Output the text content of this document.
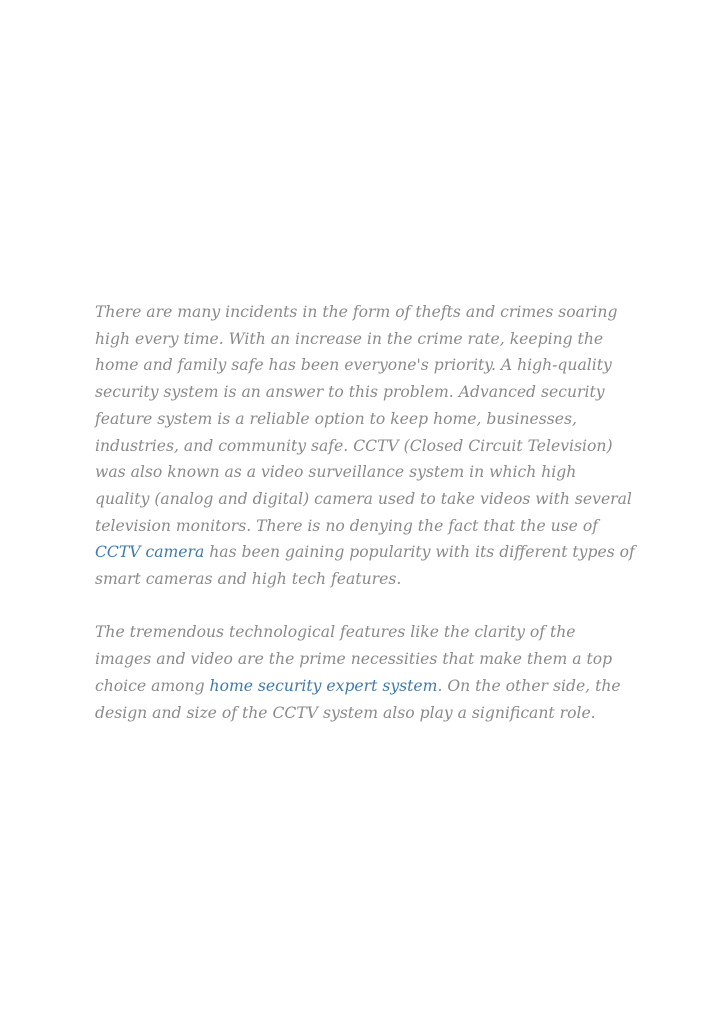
There are many incidents in the form of thefts and crimes soaring high every time. With an increase in the crime rate, keeping the home and family safe has been everyone's priority. A high-quality security system is an answer to this problem. Advanced security feature system is a reliable option to keep home, businesses, industries, and community safe. CCTV (Closed Circuit Television) was also known as a video surveillance system in which high quality (analog and digital) camera used to take videos with several television monitors. There is no denying the fact that the use of CCTV camera has been gaining popularity with its different types of smart cameras and high tech features.

The tremendous technological features like the clarity of the images and video are the prime necessities that make them a top choice among home security expert system. On the other side, the design and size of the CCTV system also play a significant role.
